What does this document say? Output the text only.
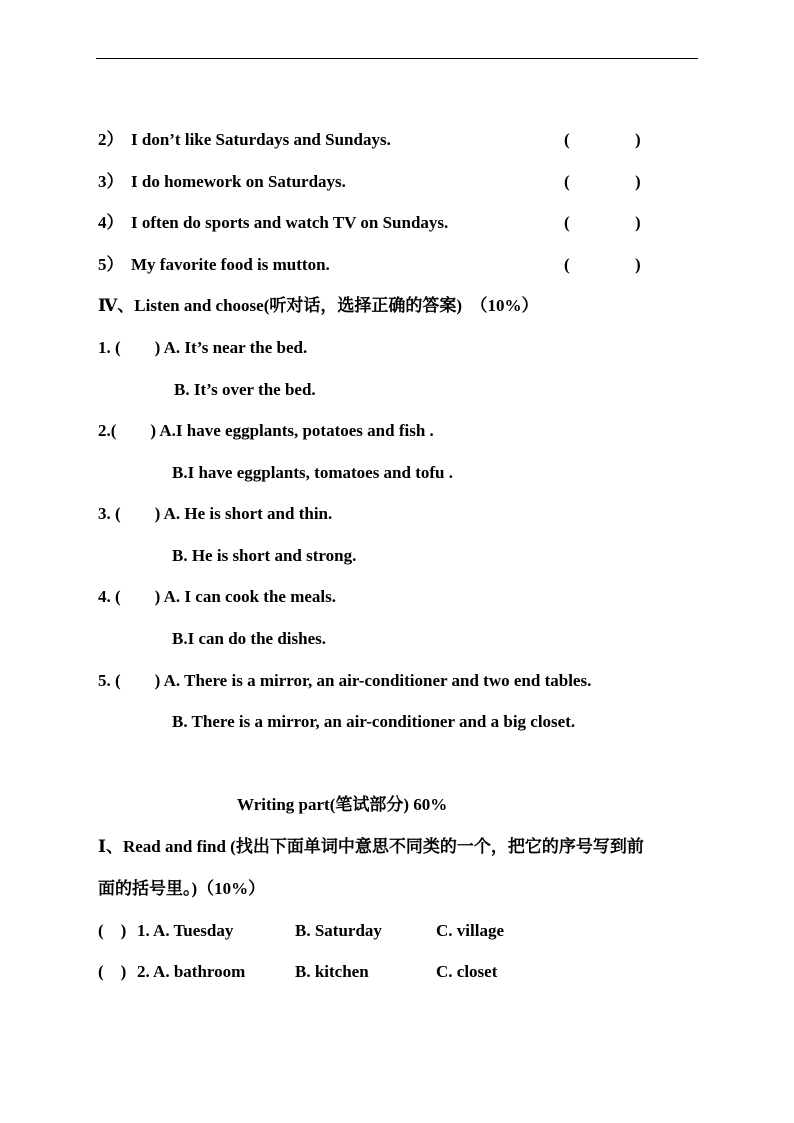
2） I don’t like Saturdays and Sundays.	(	)
3） I do homework on Saturdays.	(	)
4） I often do sports and watch TV on Sundays.	(	)
5） My favorite food is mutton.	(	)
Ⅳ、Listen and choose(听对话，选择正确的答案)　（10%）
1. (　　) A. It’s near the bed.
B. It’s over the bed.
2.(　　) A.I have eggplants, potatoes and fish .
B.I have eggplants, tomatoes and tofu .
3. (　　) A. He is short and thin.
B. He is short and strong.
4. (　　) A. I can cook the meals.
B.I can do the dishes.
5. (　　) A. There is a mirror, an air-conditioner and two end tables.
B. There is a mirror, an air-conditioner and a big closet.
Writing part(笔试部分) 60%
Ⅰ、Read and find (找出下面单词中意思不同类的一个，把它的序号写到前
面的括号里。)（10%）
(　) 1. A. Tuesday	B. Saturday	C. village
(　) 2. A. bathroom	B. kitchen	C. closet
